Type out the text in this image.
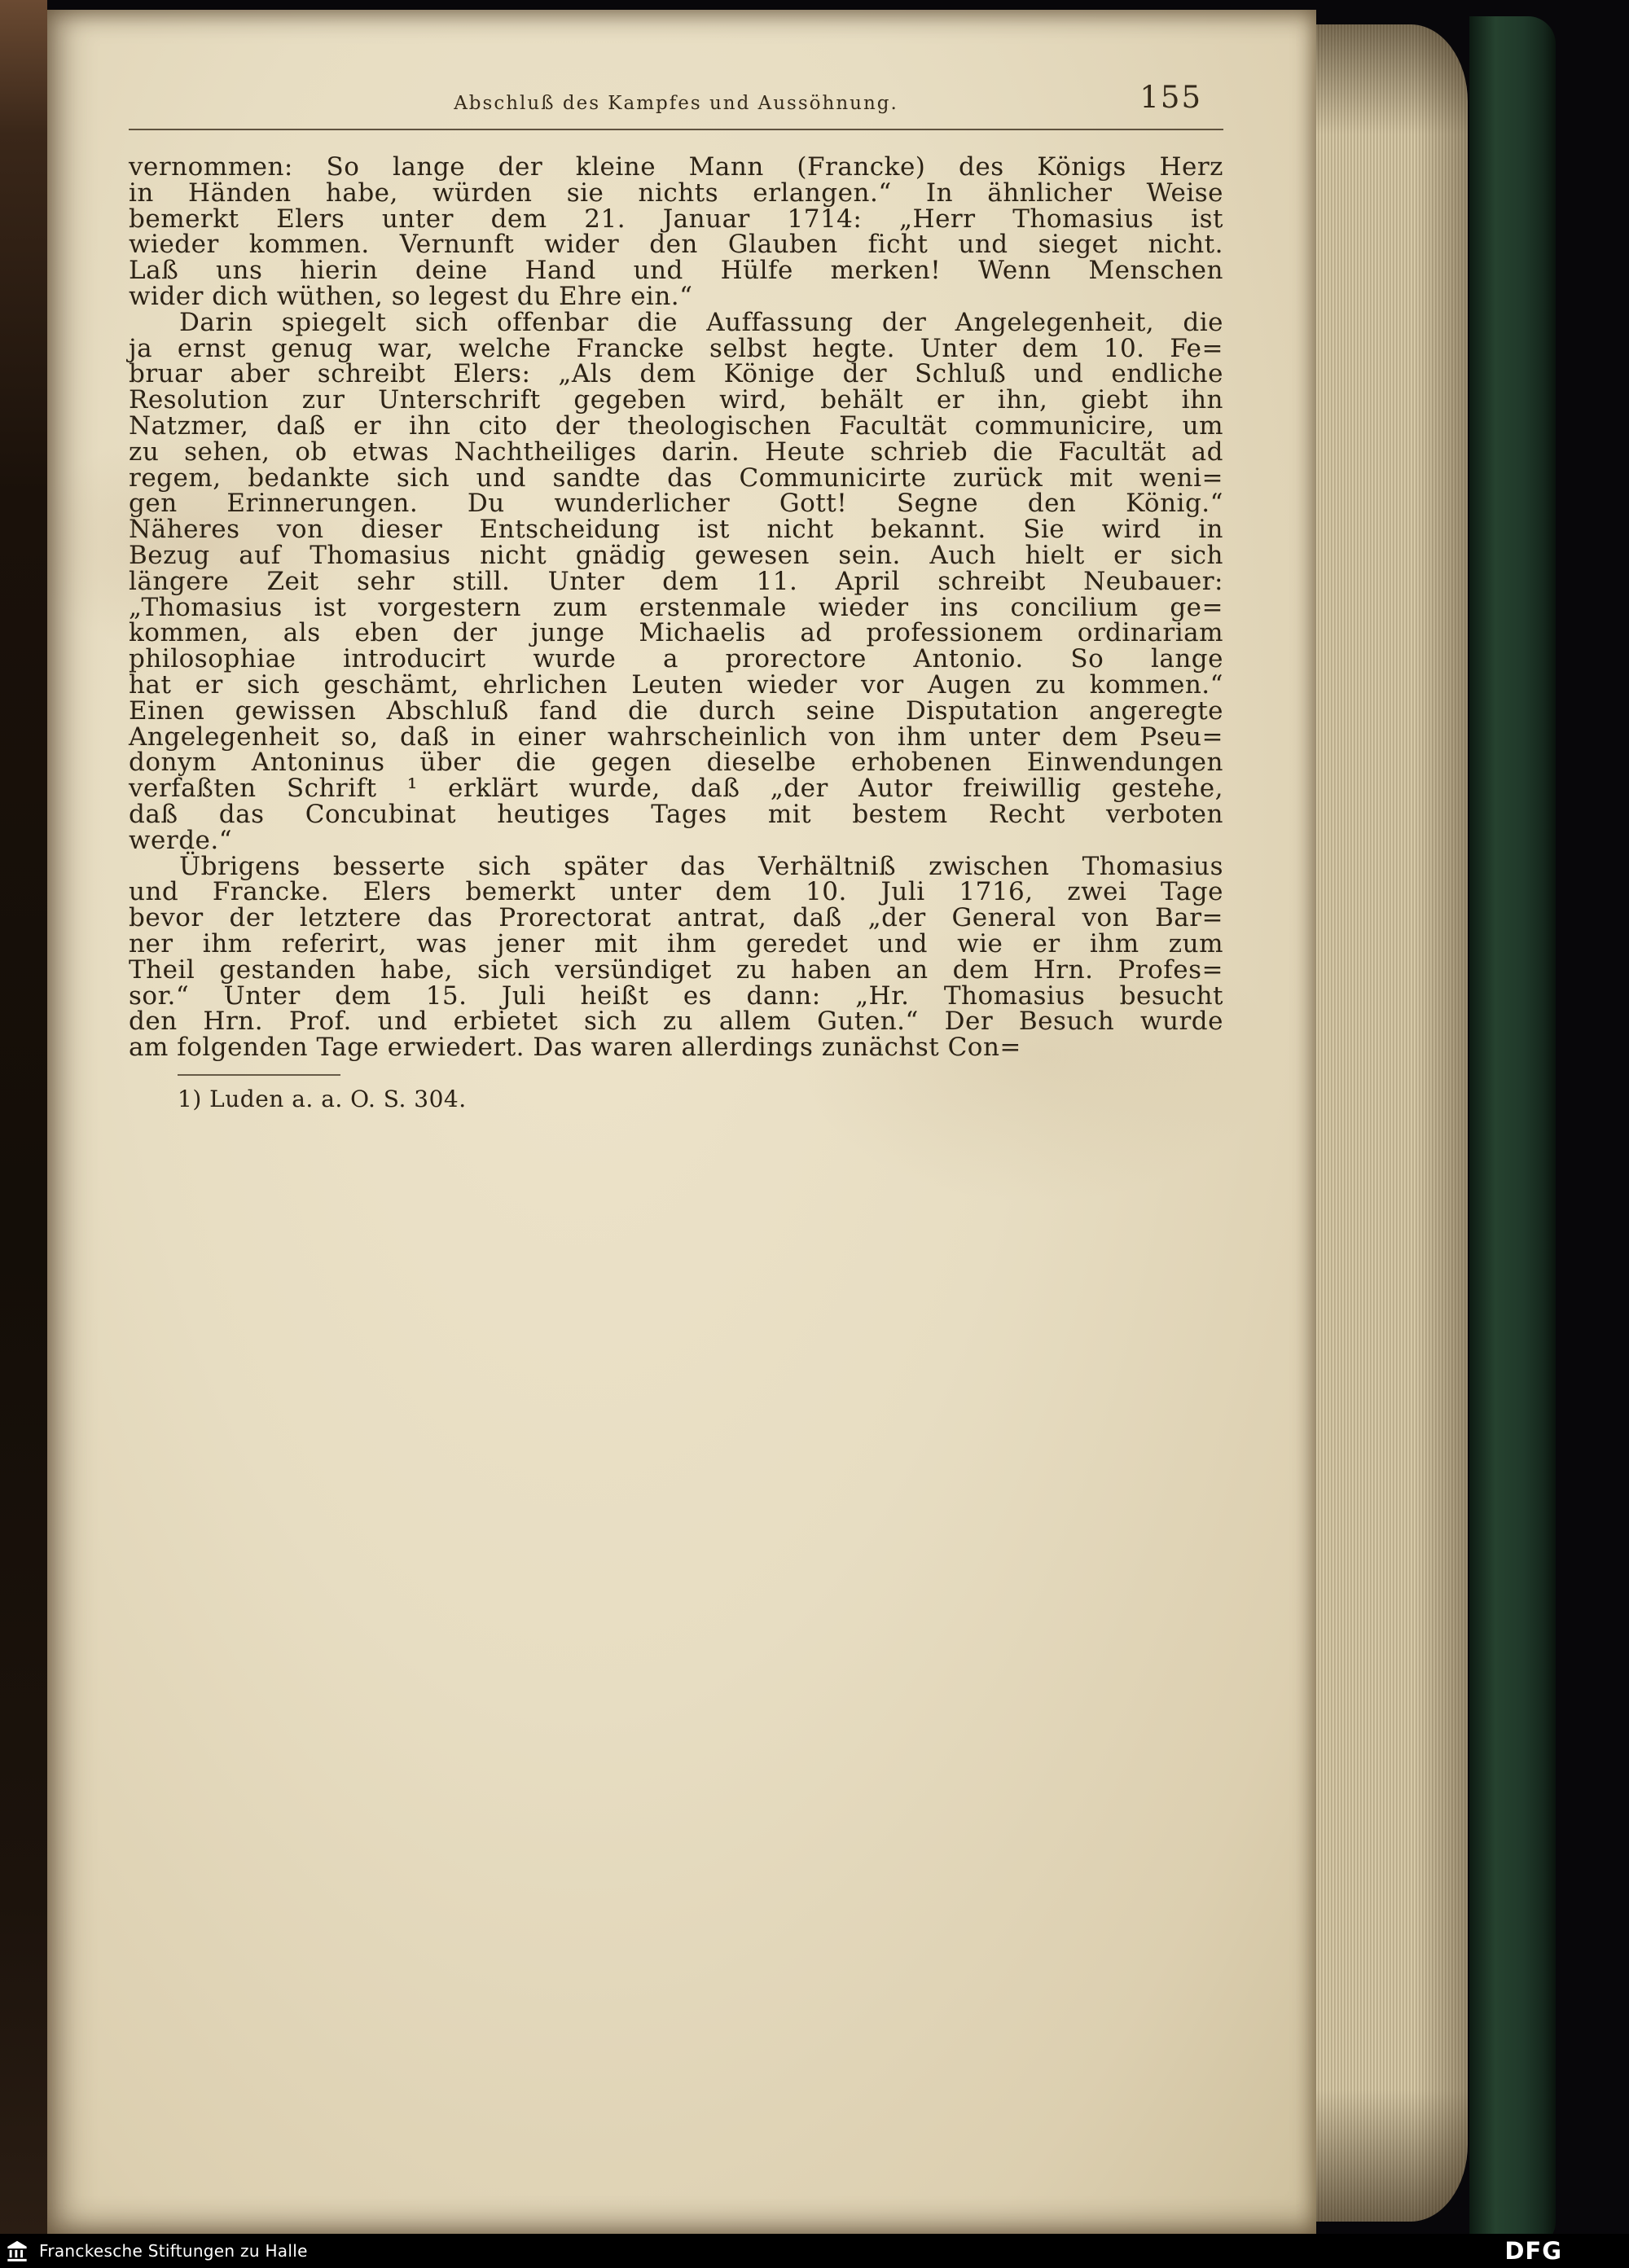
Abschluß des Kampfes und Aussöhnung.	155
vernommen: So lange der kleine Mann (Francke) des Königs Herz
in Händen habe, würden sie nichts erlangen.“ In ähnlicher Weise
bemerkt Elers unter dem 21. Januar 1714: „Herr Thomasius ist
wieder kommen. Vernunft wider den Glauben ficht und sieget nicht.
Laß uns hierin deine Hand und Hülfe merken! Wenn Menschen
wider dich wüthen, so legest du Ehre ein.“
Darin spiegelt sich offenbar die Auffassung der Angelegenheit, die
ja ernst genug war, welche Francke selbst hegte. Unter dem 10. Fe=
bruar aber schreibt Elers: „Als dem Könige der Schluß und endliche
Resolution zur Unterschrift gegeben wird, behält er ihn, giebt ihn
Natzmer, daß er ihn cito der theologischen Facultät communicire, um
zu sehen, ob etwas Nachtheiliges darin. Heute schrieb die Facultät ad
regem, bedankte sich und sandte das Communicirte zurück mit weni=
gen Erinnerungen. Du wunderlicher Gott! Segne den König.“
Näheres von dieser Entscheidung ist nicht bekannt. Sie wird in
Bezug auf Thomasius nicht gnädig gewesen sein. Auch hielt er sich
längere Zeit sehr still. Unter dem 11. April schreibt Neubauer:
„Thomasius ist vorgestern zum erstenmale wieder ins concilium ge=
kommen, als eben der junge Michaelis ad professionem ordinariam
philosophiae introducirt wurde a prorectore Antonio. So lange
hat er sich geschämt, ehrlichen Leuten wieder vor Augen zu kommen.“
Einen gewissen Abschluß fand die durch seine Disputation angeregte
Angelegenheit so, daß in einer wahrscheinlich von ihm unter dem Pseu=
donym Antoninus über die gegen dieselbe erhobenen Einwendungen
verfaßten Schrift ¹ erklärt wurde, daß „der Autor freiwillig gestehe,
daß das Concubinat heutiges Tages mit bestem Recht verboten
werde.“
Übrigens besserte sich später das Verhältniß zwischen Thomasius
und Francke. Elers bemerkt unter dem 10. Juli 1716, zwei Tage
bevor der letztere das Prorectorat antrat, daß „der General von Bar=
ner ihm referirt, was jener mit ihm geredet und wie er ihm zum
Theil gestanden habe, sich versündiget zu haben an dem Hrn. Profes=
sor.“ Unter dem 15. Juli heißt es dann: „Hr. Thomasius besucht
den Hrn. Prof. und erbietet sich zu allem Guten.“ Der Besuch wurde
am folgenden Tage erwiedert. Das waren allerdings zunächst Con=
1) Luden a. a. O. S. 304.
Franckesche Stiftungen zu Halle	DFG
